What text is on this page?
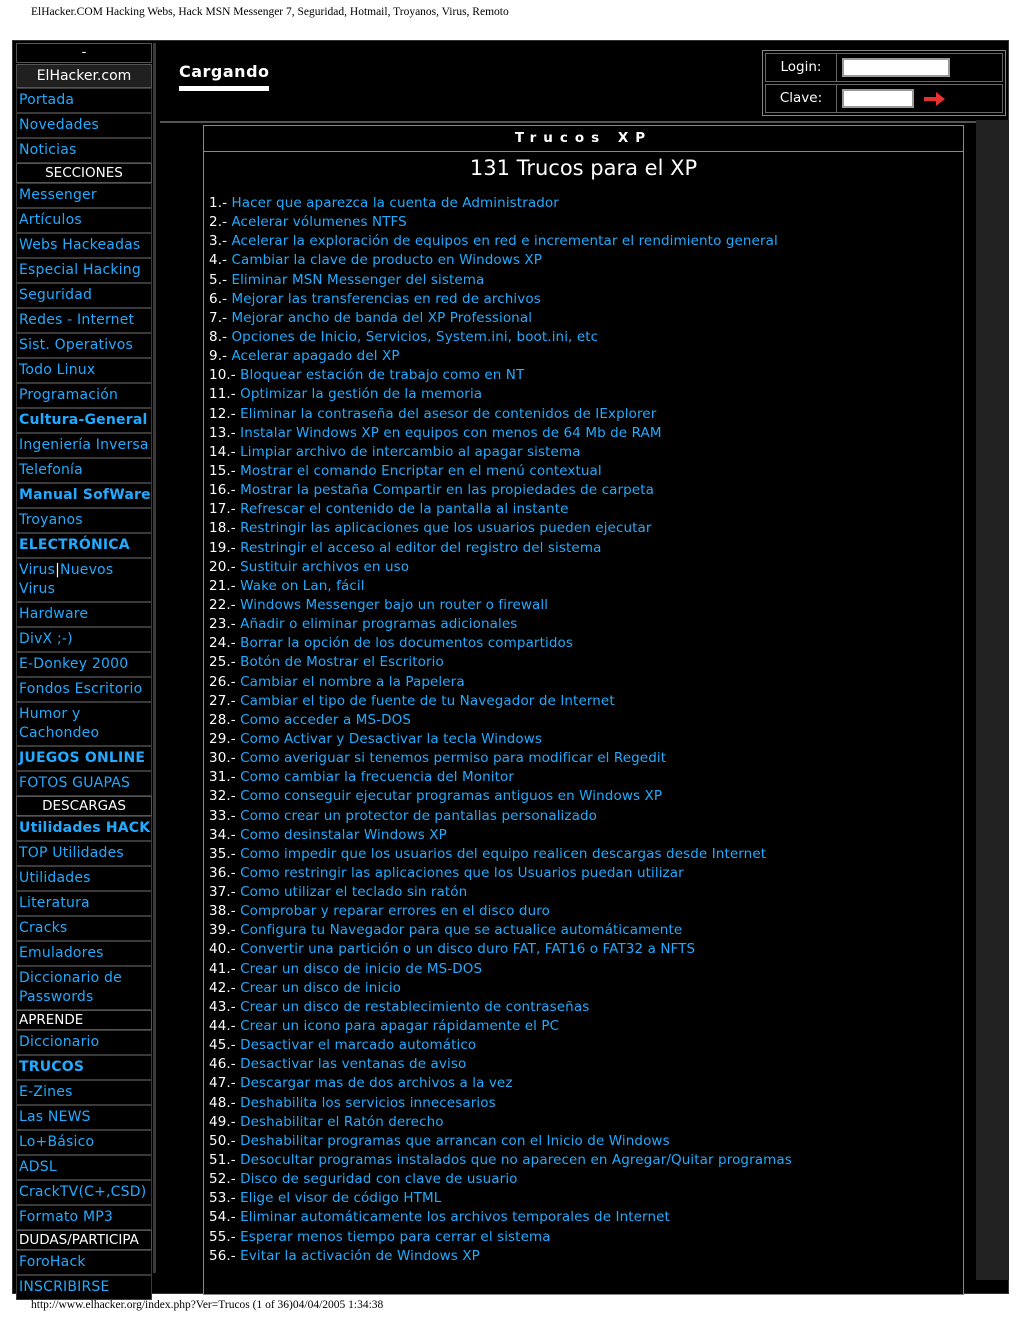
ElHacker.COM Hacking Webs, Hack MSN Messenger 7, Seguridad, Hotmail, Troyanos, Virus, Remoto
-
ElHacker.com
Portada
Novedades
Noticias
SECCIONES
Messenger
Artículos
Webs Hackeadas
Especial Hacking
Seguridad
Redes - Internet
Sist. Operativos
Todo Linux
Programación
Cultura-General
Ingeniería Inversa
Telefonía
Manual SofWare
Troyanos
ELECTRÓNICA
Virus|Nuevos Virus
Hardware
DivX ;-)
E-Donkey 2000
Fondos Escritorio
Humor y Cachondeo
JUEGOS ONLINE
FOTOS GUAPAS
DESCARGAS
Utilidades HACK
TOP Utilidades
Utilidades
Literatura
Cracks
Emuladores
Diccionario de Passwords
APRENDE
Diccionario
TRUCOS
E-Zines
Las NEWS
Lo+Básico
ADSL
CrackTV(C+,CSD)
Formato MP3
DUDAS/PARTICIPA
ForoHack
INSCRIBIRSE
Cargando	Login:
Clave:
Trucos XP
131 Trucos para el XP
1.- Hacer que aparezca la cuenta de Administrador
2.- Acelerar vólumenes NTFS
3.- Acelerar la exploración de equipos en red e incrementar el rendimiento general
4.- Cambiar la clave de producto en Windows XP
5.- Eliminar MSN Messenger del sistema
6.- Mejorar las transferencias en red de archivos
7.- Mejorar ancho de banda del XP Professional
8.- Opciones de Inicio, Servicios, System.ini, boot.ini, etc
9.- Acelerar apagado del XP
10.- Bloquear estación de trabajo como en NT
11.- Optimizar la gestión de la memoria
12.- Eliminar la contraseña del asesor de contenidos de IExplorer
13.- Instalar Windows XP en equipos con menos de 64 Mb de RAM
14.- Limpiar archivo de intercambio al apagar sistema
15.- Mostrar el comando Encriptar en el menú contextual
16.- Mostrar la pestaña Compartir en las propiedades de carpeta
17.- Refrescar el contenido de la pantalla al instante
18.- Restringir las aplicaciones que los usuarios pueden ejecutar
19.- Restringir el acceso al editor del registro del sistema
20.- Sustituir archivos en uso
21.- Wake on Lan, fácil
22.- Windows Messenger bajo un router o firewall
23.- Añadir o eliminar programas adicionales
24.- Borrar la opción de los documentos compartidos
25.- Botón de Mostrar el Escritorio
26.- Cambiar el nombre a la Papelera
27.- Cambiar el tipo de fuente de tu Navegador de Internet
28.- Como acceder a MS-DOS
29.- Como Activar y Desactivar la tecla Windows
30.- Como averiguar si tenemos permiso para modificar el Regedit
31.- Como cambiar la frecuencia del Monitor
32.- Como conseguir ejecutar programas antiguos en Windows XP
33.- Como crear un protector de pantallas personalizado
34.- Como desinstalar Windows XP
35.- Como impedir que los usuarios del equipo realicen descargas desde Internet
36.- Como restringir las aplicaciones que los Usuarios puedan utilizar
37.- Como utilizar el teclado sin ratón
38.- Comprobar y reparar errores en el disco duro
39.- Configura tu Navegador para que se actualice automáticamente
40.- Convertir una partición o un disco duro FAT, FAT16 o FAT32 a NFTS
41.- Crear un disco de inicio de MS-DOS
42.- Crear un disco de inicio
43.- Crear un disco de restablecimiento de contraseñas
44.- Crear un icono para apagar rápidamente el PC
45.- Desactivar el marcado automático
46.- Desactivar las ventanas de aviso
47.- Descargar mas de dos archivos a la vez
48.- Deshabilita los servicios innecesarios
49.- Deshabilitar el Ratón derecho
50.- Deshabilitar programas que arrancan con el Inicio de Windows
51.- Desocultar programas instalados que no aparecen en Agregar/Quitar programas
52.- Disco de seguridad con clave de usuario
53.- Elige el visor de código HTML
54.- Eliminar automáticamente los archivos temporales de Internet
55.- Esperar menos tiempo para cerrar el sistema
56.- Evitar la activación de Windows XP
http://www.elhacker.org/index.php?Ver=Trucos (1 of 36)04/04/2005 1:34:38
